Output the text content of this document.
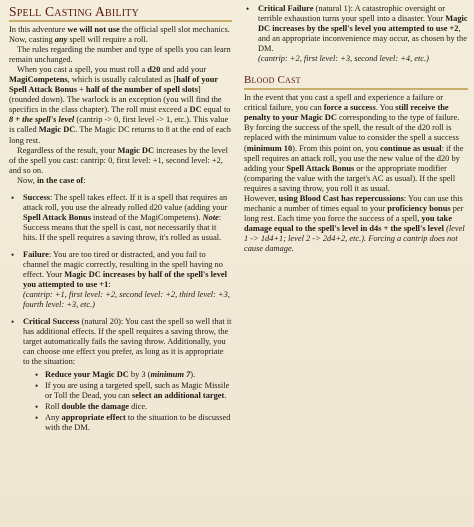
Spell Casting Ability

In this adventure we will not use the official spell slot mechanics. Now, casting any spell will require a roll.

The rules regarding the number and type of spells you can learn remain unchanged.

When you cast a spell, you must roll a d20 and add your MagiCompetens, which is usually calculated as [half of your Spell Attack Bonus + half of the number of spell slots] (rounded down). The warlock is an exception (you will find the specifics in the class chapter). The roll must exceed a DC equal to 8 + the spell's level (cantrip -> 0, first level -> 1, etc.). This value is called Magic DC. The Magic DC returns to 8 at the end of each long rest.

Regardless of the result, your Magic DC increases by the level of the spell you cast: cantrip: 0, first level: +1, second level: +2, and so on.

Now, in the case of:

• Success: The spell takes effect. If it is a spell that requires an attack roll, you use the already rolled d20 value (adding your Spell Attack Bonus instead of the MagiCompetens). Note: Success means that the spell is cast, not necessarily that it hits. If the spell requires a saving throw, it's rolled as usual.
• Failure: You are too tired or distracted, and you fail to channel the magic correctly, resulting in the spell having no effect. Your Magic DC increases by half of the spell's level you attempted to use +1:
(cantrip: +1, first level: +2, second level: +2, third level: +3, fourth level: +3, etc.)
• Critical Success (natural 20): You cast the spell so well that it has additional effects. If the spell requires a saving throw, the target automatically fails the saving throw. Additionally, you can choose one effect you prefer, as long as it is appropriate to the situation:
• Reduce your Magic DC by 3 (minimum 7).
• If you are using a targeted spell, such as Magic Missile or Toll the Dead, you can select an additional target.
• Roll double the damage dice.
• Any appropriate effect to the situation to be discussed with the DM.
• Critical Failure (natural 1): A catastrophic oversight or terrible exhaustion turns your spell into a disaster. Your Magic DC increases by the spell's level you attempted to use +2, and an appropriate inconvenience may occur, as chosen by the DM.
(cantrip: +2, first level: +3, second level: +4, etc.)
Blood Cast

In the event that you cast a spell and experience a failure or critical failure, you can force a success. You still receive the penalty to your Magic DC corresponding to the type of failure.

By forcing the success of the spell, the result of the d20 roll is replaced with the minimum value to consider the spell a success (minimum 10). From this point on, you continue as usual: if the spell requires an attack roll, you use the new value of the d20 by adding your Spell Attack Bonus or the appropriate modifier (comparing the value with the target's AC as usual). If the spell requires a saving throw, you roll it as usual.

However, using Blood Cast has repercussions: You can use this mechanic a number of times equal to your proficiency bonus per long rest. Each time you force the success of a spell, you take damage equal to the spell's level in d4s + the spell's level (level 1 -> 1d4+1; level 2 -> 2d4+2, etc.). Forcing a cantrip does not cause damage.
